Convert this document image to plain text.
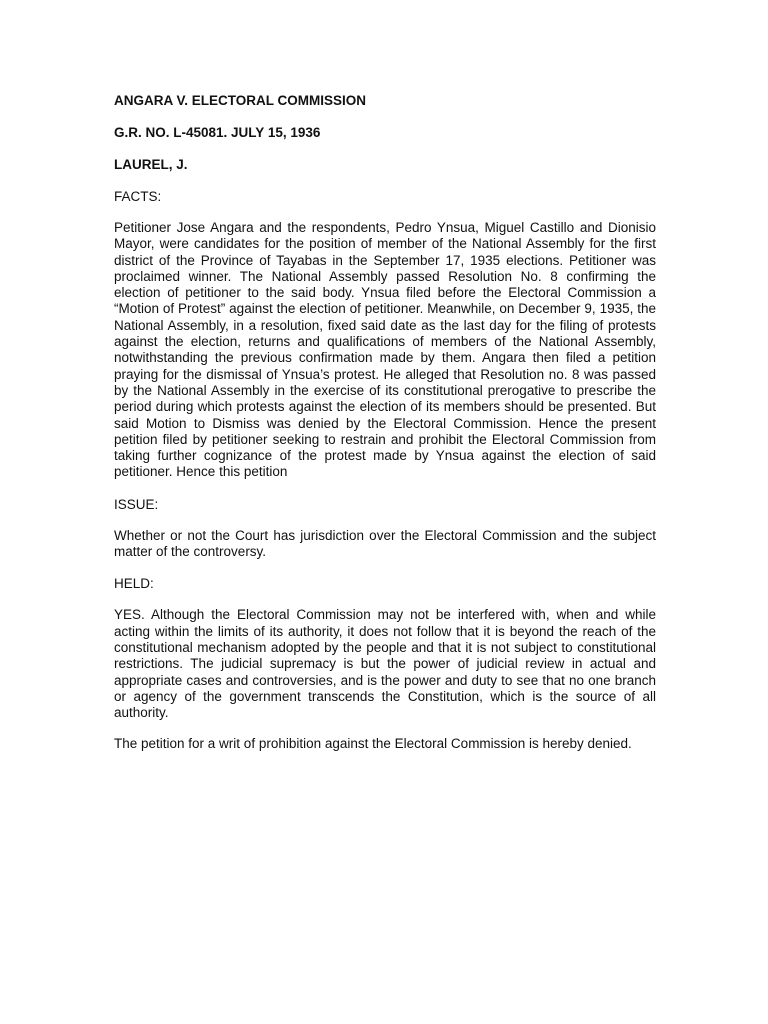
ANGARA V. ELECTORAL COMMISSION

G.R. NO. L-45081. JULY 15, 1936

LAUREL, J.

FACTS:

Petitioner Jose Angara and the respondents, Pedro Ynsua, Miguel Castillo and Dionisio Mayor, were candidates for the position of member of the National Assembly for the first district of the Province of Tayabas in the September 17, 1935 elections. Petitioner was proclaimed winner. The National Assembly passed Resolution No. 8 confirming the election of petitioner to the said body. Ynsua filed before the Electoral Commission a “Motion of Protest” against the election of petitioner. Meanwhile, on December 9, 1935, the National Assembly, in a resolution, fixed said date as the last day for the filing of protests against the election, returns and qualifications of members of the National Assembly, notwithstanding the previous confirmation made by them. Angara then filed a petition praying for the dismissal of Ynsua’s protest. He alleged that Resolution no. 8 was passed by the National Assembly in the exercise of its constitutional prerogative to prescribe the period during which protests against the election of its members should be presented. But said Motion to Dismiss was denied by the Electoral Commission. Hence the present petition filed by petitioner seeking to restrain and prohibit the Electoral Commission from taking further cognizance of the protest made by Ynsua against the election of said petitioner. Hence this petition

ISSUE:

Whether or not the Court has jurisdiction over the Electoral Commission and the subject matter of the controversy.

HELD:

YES. Although the Electoral Commission may not be interfered with, when and while acting within the limits of its authority, it does not follow that it is beyond the reach of the constitutional mechanism adopted by the people and that it is not subject to constitutional restrictions. The judicial supremacy is but the power of judicial review in actual and appropriate cases and controversies, and is the power and duty to see that no one branch or agency of the government transcends the Constitution, which is the source of all authority.

The petition for a writ of prohibition against the Electoral Commission is hereby denied.
